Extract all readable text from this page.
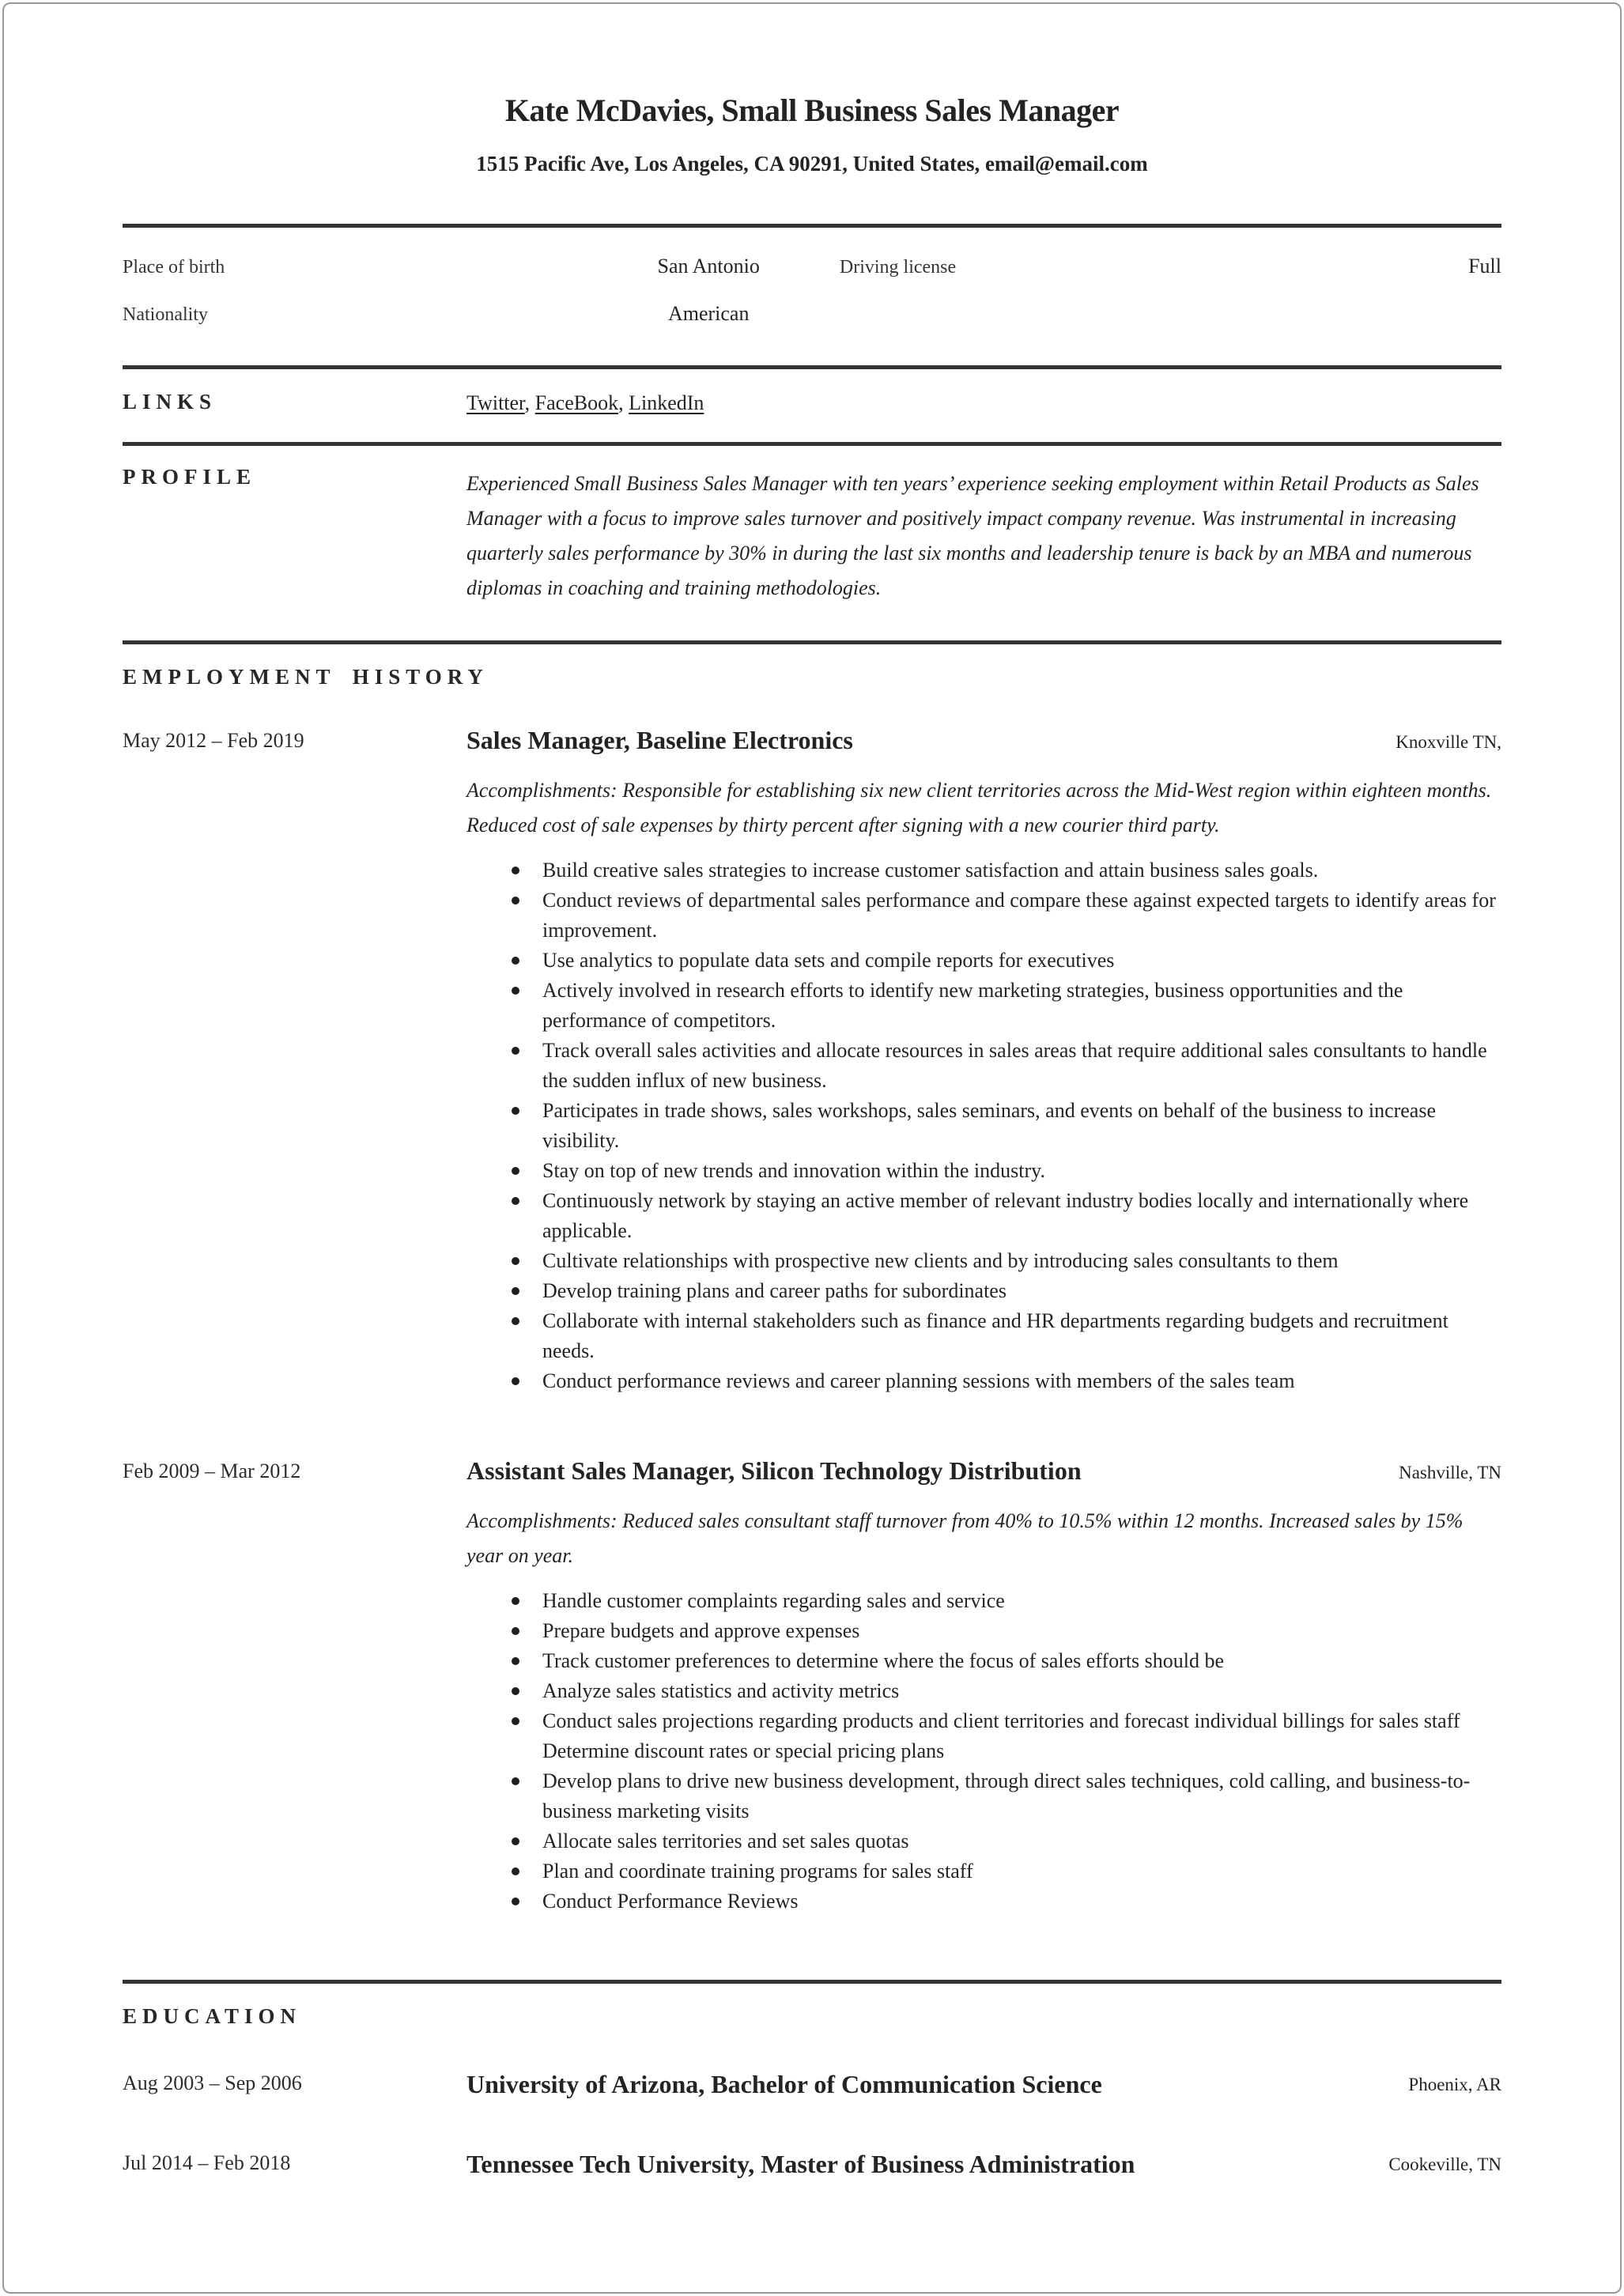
Kate McDavies, Small Business Sales Manager
1515 Pacific Ave, Los Angeles, CA 90291, United States, email@email.com
Place of birth	San Antonio	Driving license	Full
Nationality	American
LINKS	Twitter, FaceBook, LinkedIn
PROFILE	Experienced Small Business Sales Manager with ten years’ experience seeking employment within Retail Products as Sales Manager with a focus to improve sales turnover and positively impact company revenue. Was instrumental in increasing quarterly sales performance by 30% in during the last six months and leadership tenure is back by an MBA and numerous diplomas in coaching and training methodologies.
EMPLOYMENT HISTORY
May 2012 – Feb 2019	Sales Manager, Baseline Electronics	Knoxville TN,
Accomplishments: Responsible for establishing six new client territories across the Mid-West region within eighteen months. Reduced cost of sale expenses by thirty percent after signing with a new courier third party.
Build creative sales strategies to increase customer satisfaction and attain business sales goals.
Conduct reviews of departmental sales performance and compare these against expected targets to identify areas for improvement.
Use analytics to populate data sets and compile reports for executives
Actively involved in research efforts to identify new marketing strategies, business opportunities and the performance of competitors.
Track overall sales activities and allocate resources in sales areas that require additional sales consultants to handle the sudden influx of new business.
Participates in trade shows, sales workshops, sales seminars, and events on behalf of the business to increase visibility.
Stay on top of new trends and innovation within the industry.
Continuously network by staying an active member of relevant industry bodies locally and internationally where applicable.
Cultivate relationships with prospective new clients and by introducing sales consultants to them
Develop training plans and career paths for subordinates
Collaborate with internal stakeholders such as finance and HR departments regarding budgets and recruitment needs.
Conduct performance reviews and career planning sessions with members of the sales team
Feb 2009 – Mar 2012	Assistant Sales Manager, Silicon Technology Distribution	Nashville, TN
Accomplishments: Reduced sales consultant staff turnover from 40% to 10.5% within 12 months. Increased sales by 15% year on year.
Handle customer complaints regarding sales and service
Prepare budgets and approve expenses
Track customer preferences to determine where the focus of sales efforts should be
Analyze sales statistics and activity metrics
Conduct sales projections regarding products and client territories and forecast individual billings for sales staff Determine discount rates or special pricing plans
Develop plans to drive new business development, through direct sales techniques, cold calling, and business-to-business marketing visits
Allocate sales territories and set sales quotas
Plan and coordinate training programs for sales staff
Conduct Performance Reviews
EDUCATION
Aug 2003 – Sep 2006	University of Arizona, Bachelor of Communication Science	Phoenix, AR
Jul 2014 – Feb 2018	Tennessee Tech University, Master of Business Administration	Cookeville, TN
